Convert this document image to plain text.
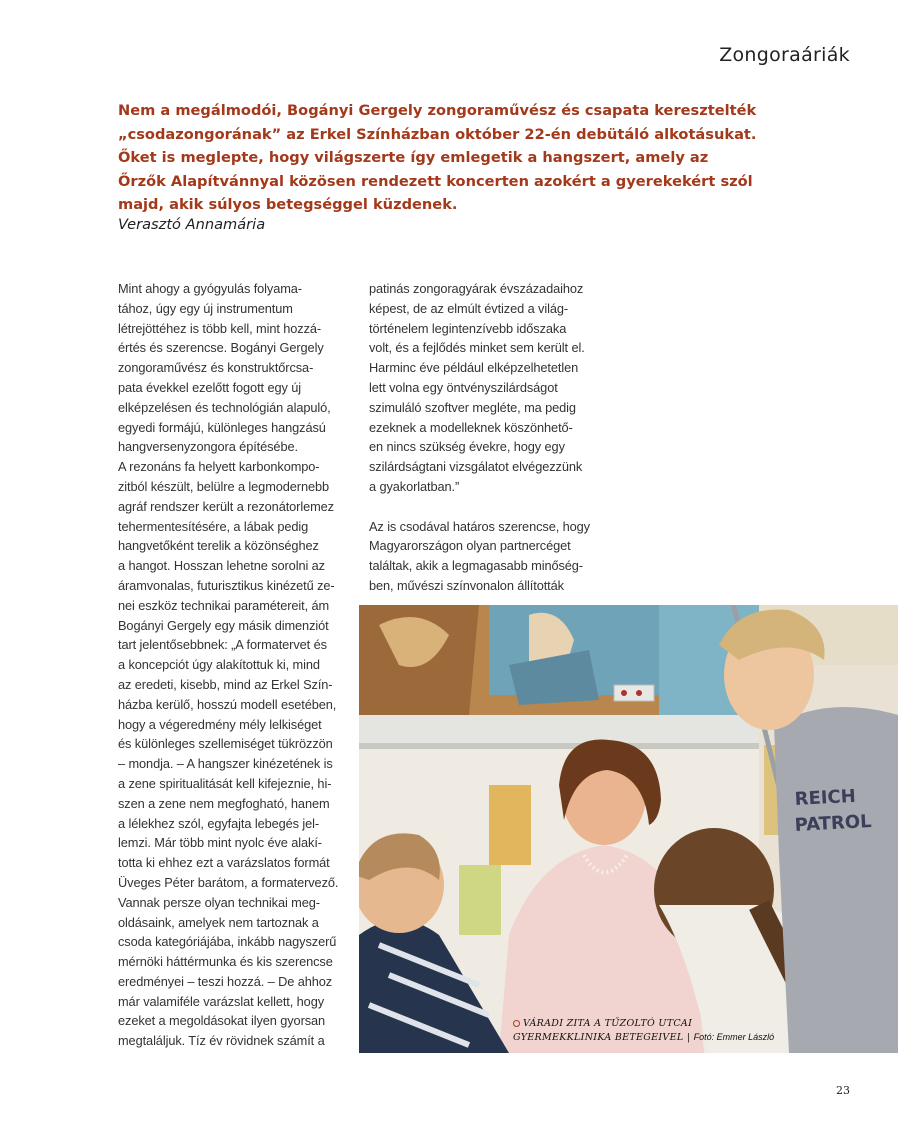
Zongoraáriák

Nem a megálmodói, Bogányi Gergely zongoraművész és csapata keresztelték „csodazongorának” az Erkel Színházban október 22-én debütáló alkotásukat. Őket is meglepte, hogy világszerte így emlegetik a hangszert, amely az Őrzők Alapítvánnyal közösen rendezett koncerten azokért a gyerekekért szól majd, akik súlyos betegséggel küzdenek.

Verasztó Annamária
Mint ahogy a gyógyulás folyama-
tához, úgy egy új instrumentum
létrejöttéhez is több kell, mint hozzá-
értés és szerencse. Bogányi Gergely
zongoraművész és konstruktőrcsa-
pata évekkel ezelőtt fogott egy új
elképzelésen és technológián alapuló,
egyedi formájú, különleges hangzású
hangversenyzongora építésébe.
A rezonáns fa helyett karbonkompo-
zitból készült, belülre a legmodernebb
agráf rendszer került a rezonátorlemez
tehermentesítésére, a lábak pedig
hangvetőként terelik a közönséghez
a hangot. Hosszan lehetne sorolni az
áramvonalas, futurisztikus kinézetű ze-
nei eszköz technikai paramétereit, ám
Bogányi Gergely egy másik dimenziót
tart jelentősebbnek: „A formatervet és
a koncepciót úgy alakítottuk ki, mind
az eredeti, kisebb, mind az Erkel Szín-
házba kerülő, hosszú modell esetében,
hogy a végeredmény mély lelkiséget
és különleges szellemiséget tükrözzön
– mondja. – A hangszer kinézetének is
a zene spiritualitását kell kifejeznie, hi-
szen a zene nem megfogható, hanem
a lélekhez szól, egyfajta lebegés jel-
lemzi. Már több mint nyolc éve alakí-
totta ki ehhez ezt a varázslatos formát
Üveges Péter barátom, a formatervező.
Vannak persze olyan technikai meg-
oldásaink, amelyek nem tartoznak a
csoda kategóriájába, inkább nagyszerű
mérnöki háttérmunka és kis szerencse
eredményei – teszi hozzá. – De ahhoz
már valamiféle varázslat kellett, hogy
ezeket a megoldásokat ilyen gyorsan
megtaláljuk. Tíz év rövidnek számít a
patinás zongoragyárak évszázadaihoz
képest, de az elmúlt évtized a világ-
történelem legintenzívebb időszaka
volt, és a fejlődés minket sem került el.
Harminc éve például elképzelhetetlen
lett volna egy öntvényszilárdságot
szimuláló szoftver megléte, ma pedig
ezeknek a modelleknek köszönhető-
en nincs szükség évekre, hogy egy
szilárdságtani vizsgálatot elvégezzünk
a gyakorlatban.”
Az is csodával határos szerencse, hogy
Magyarországon olyan partnercéget
találtak, akik a legmagasabb minőség-
ben, művészi színvonalon állították
REICH
PATROL
VÁRADI ZITA A TŰZOLTÓ UTCAI
GYERMEKKLINIKA BETEGEIVEL | Fotó: Emmer László
23
